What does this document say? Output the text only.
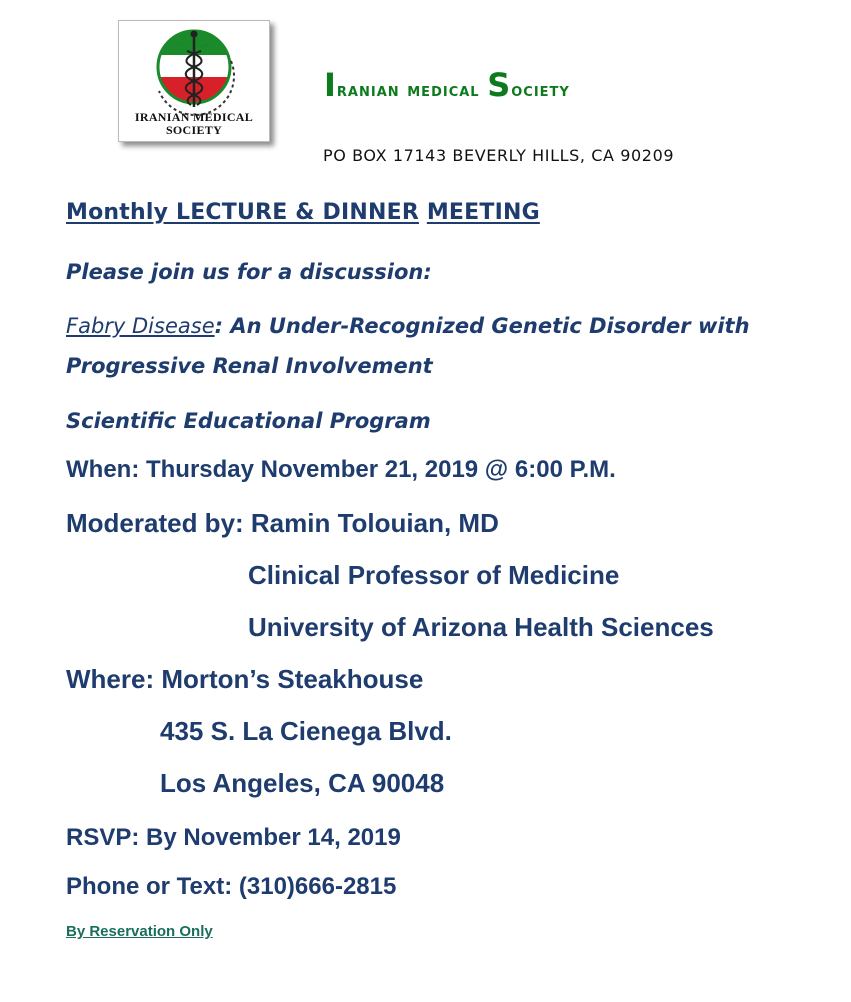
IRANIAN MEDICAL
SOCIETY
Iranian medical Society
PO BOX 17143 BEVERLY HILLS, CA 90209
Monthly LECTURE & DINNER MEETING
Please join us for a discussion:
Fabry Disease: An Under-Recognized Genetic Disorder with
Progressive Renal Involvement
Scientific Educational Program
When: Thursday November 21, 2019 @ 6:00 P.M.
Moderated by: Ramin Tolouian, MD
Clinical Professor of Medicine
University of Arizona Health Sciences
Where: Morton’s Steakhouse
435 S. La Cienega Blvd.
Los Angeles, CA 90048
RSVP: By November 14, 2019
Phone or Text: (310)666-2815
By Reservation Only
